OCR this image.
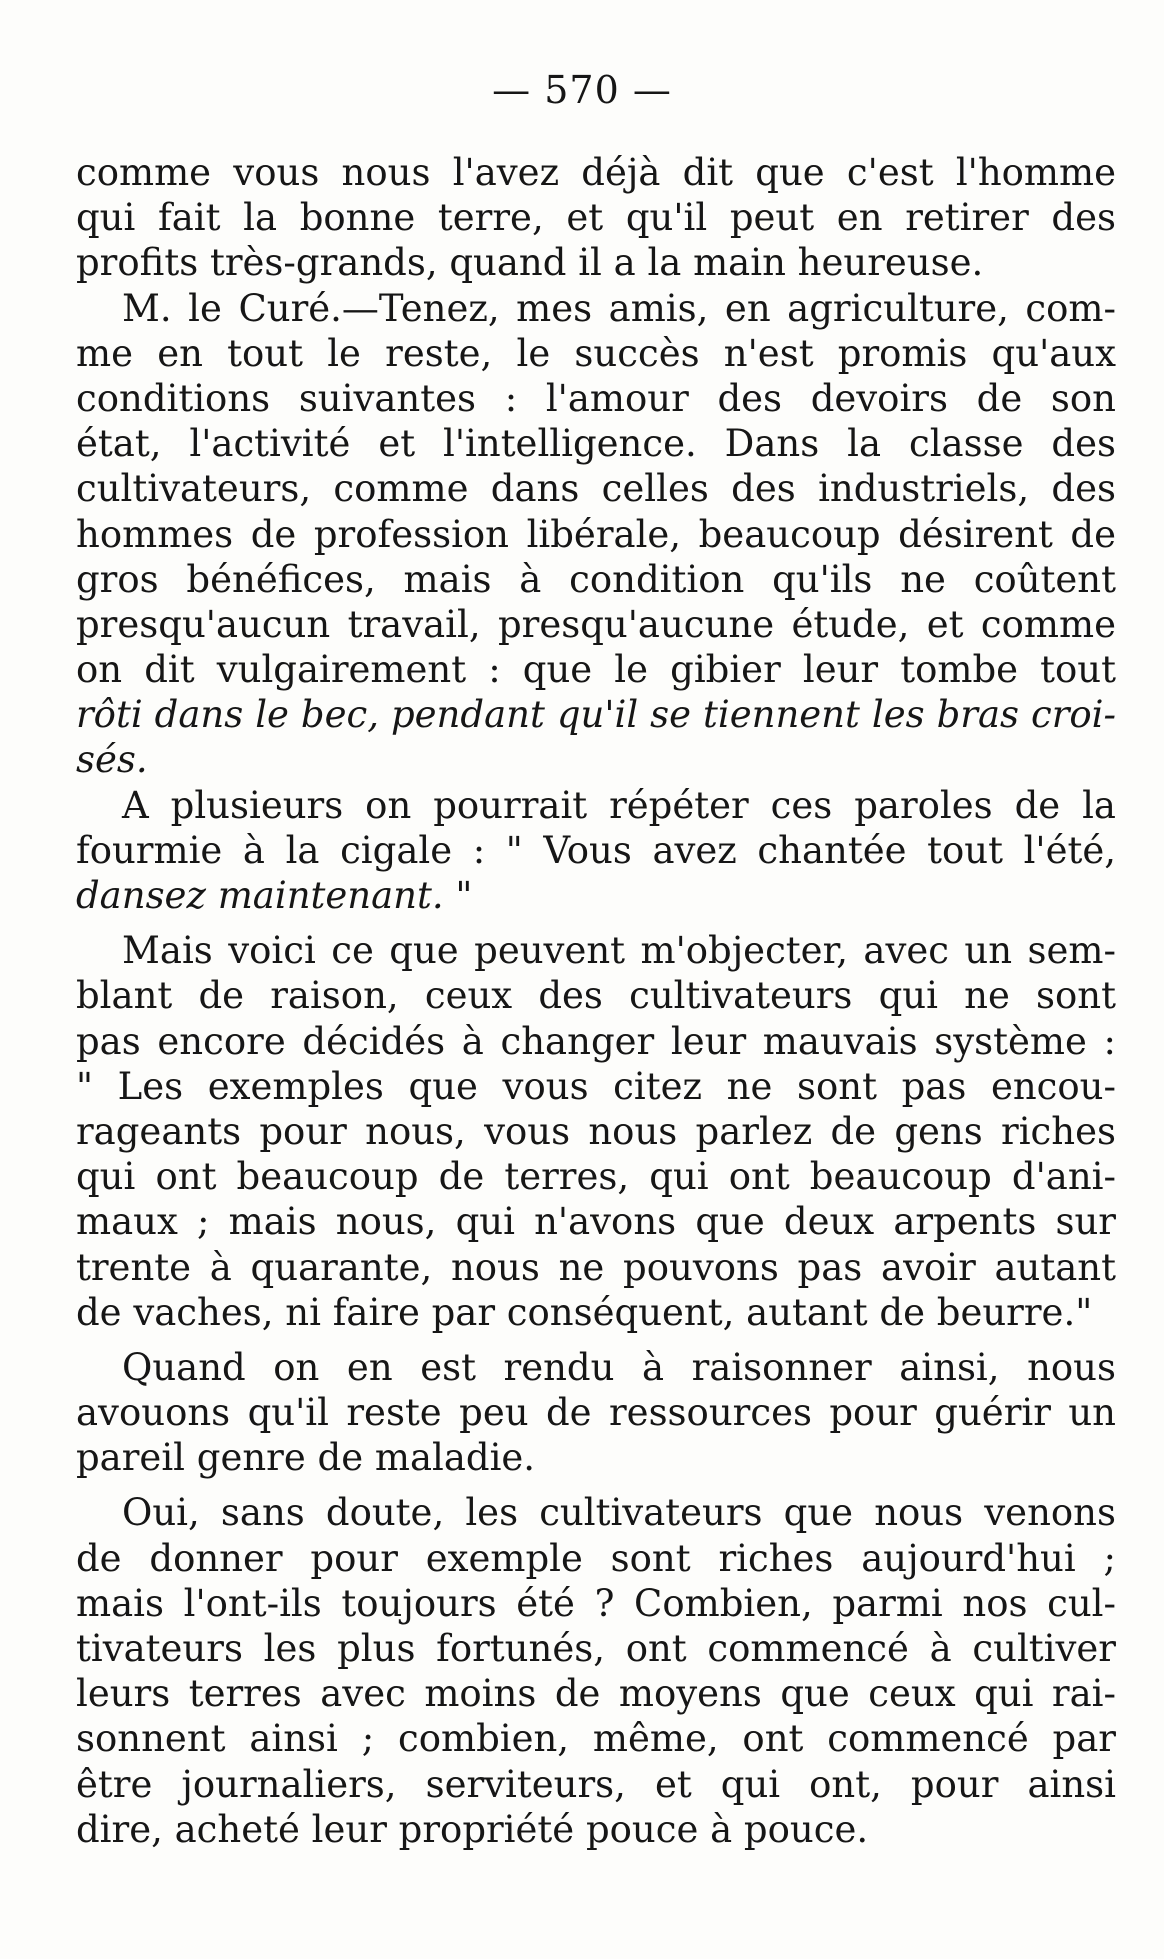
— 570 —
comme vous nous l'avez déjà dit que c'est l'homme
qui fait la bonne terre, et qu'il peut en retirer des
profits très-grands, quand il a la main heureuse.
M. le Curé.—Tenez, mes amis, en agriculture, com-
me en tout le reste, le succès n'est promis qu'aux
conditions suivantes : l'amour des devoirs de son
état, l'activité et l'intelligence. Dans la classe des
cultivateurs, comme dans celles des industriels, des
hommes de profession libérale, beaucoup désirent de
gros bénéfices, mais à condition qu'ils ne coûtent
presqu'aucun travail, presqu'aucune étude, et comme
on dit vulgairement : que le gibier leur tombe tout
rôti dans le bec, pendant qu'il se tiennent les bras croi-
sés.
A plusieurs on pourrait répéter ces paroles de la
fourmie à la cigale : " Vous avez chantée tout l'été,
dansez maintenant. "
Mais voici ce que peuvent m'objecter, avec un sem-
blant de raison, ceux des cultivateurs qui ne sont
pas encore décidés à changer leur mauvais système :
" Les exemples que vous citez ne sont pas encou-
rageants pour nous, vous nous parlez de gens riches
qui ont beaucoup de terres, qui ont beaucoup d'ani-
maux ; mais nous, qui n'avons que deux arpents sur
trente à quarante, nous ne pouvons pas avoir autant
de vaches, ni faire par conséquent, autant de beurre."
Quand on en est rendu à raisonner ainsi, nous
avouons qu'il reste peu de ressources pour guérir un
pareil genre de maladie.
Oui, sans doute, les cultivateurs que nous venons
de donner pour exemple sont riches aujourd'hui ;
mais l'ont-ils toujours été ? Combien, parmi nos cul-
tivateurs les plus fortunés, ont commencé à cultiver
leurs terres avec moins de moyens que ceux qui rai-
sonnent ainsi ; combien, même, ont commencé par
être journaliers, serviteurs, et qui ont, pour ainsi
dire, acheté leur propriété pouce à pouce.
